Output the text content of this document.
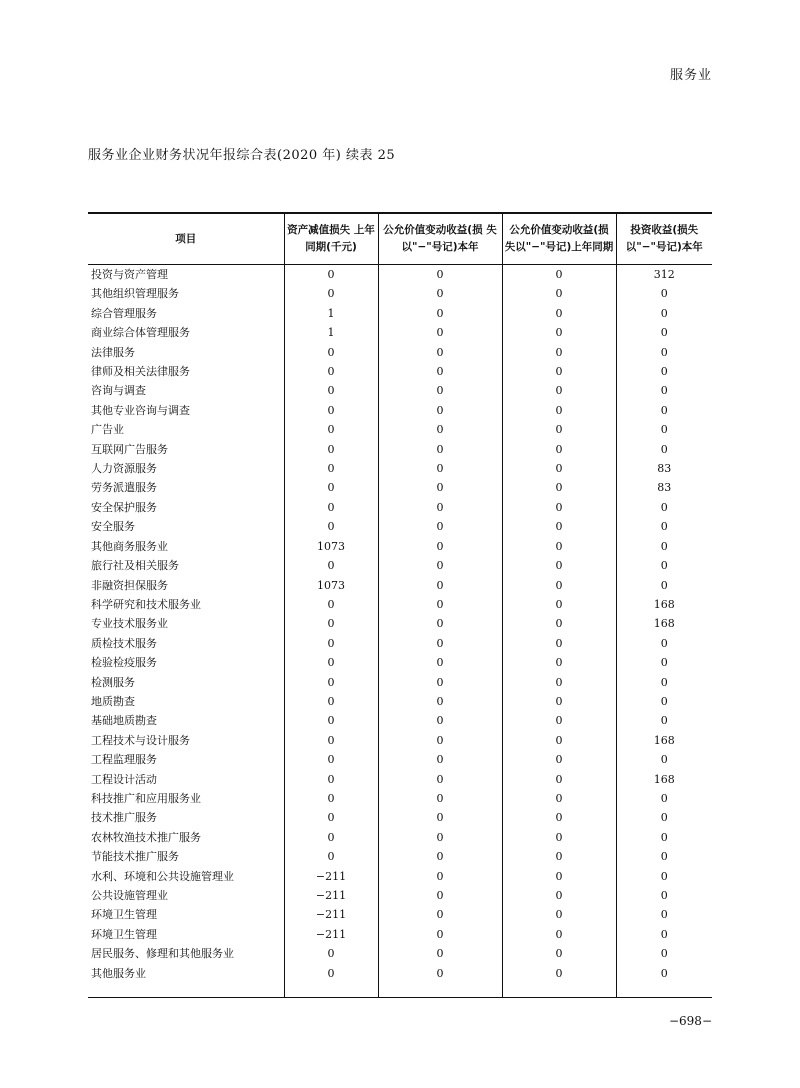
服务业
服务业企业财务状况年报综合表(2020 年) 续表 25
项目	资产减值损失 上年同期(千元)	公允价值变动收益(损 失以"−"号记)本年	公允价值变动收益(损 失以"−"号记)上年同期	投资收益(损失 以"−"号记)本年
投资与资产管理	0	0	0	312
其他组织管理服务	0	0	0	0
综合管理服务	1	0	0	0
商业综合体管理服务	1	0	0	0
法律服务	0	0	0	0
律师及相关法律服务	0	0	0	0
咨询与调查	0	0	0	0
其他专业咨询与调查	0	0	0	0
广告业	0	0	0	0
互联网广告服务	0	0	0	0
人力资源服务	0	0	0	83
劳务派遣服务	0	0	0	83
安全保护服务	0	0	0	0
安全服务	0	0	0	0
其他商务服务业	1073	0	0	0
旅行社及相关服务	0	0	0	0
非融资担保服务	1073	0	0	0
科学研究和技术服务业	0	0	0	168
专业技术服务业	0	0	0	168
质检技术服务	0	0	0	0
检验检疫服务	0	0	0	0
检测服务	0	0	0	0
地质勘查	0	0	0	0
基础地质勘查	0	0	0	0
工程技术与设计服务	0	0	0	168
工程监理服务	0	0	0	0
工程设计活动	0	0	0	168
科技推广和应用服务业	0	0	0	0
技术推广服务	0	0	0	0
农林牧渔技术推广服务	0	0	0	0
节能技术推广服务	0	0	0	0
水利、环境和公共设施管理业	−211	0	0	0
公共设施管理业	−211	0	0	0
环境卫生管理	−211	0	0	0
环境卫生管理	−211	0	0	0
居民服务、修理和其他服务业	0	0	0	0
其他服务业	0	0	0	0

−698−
